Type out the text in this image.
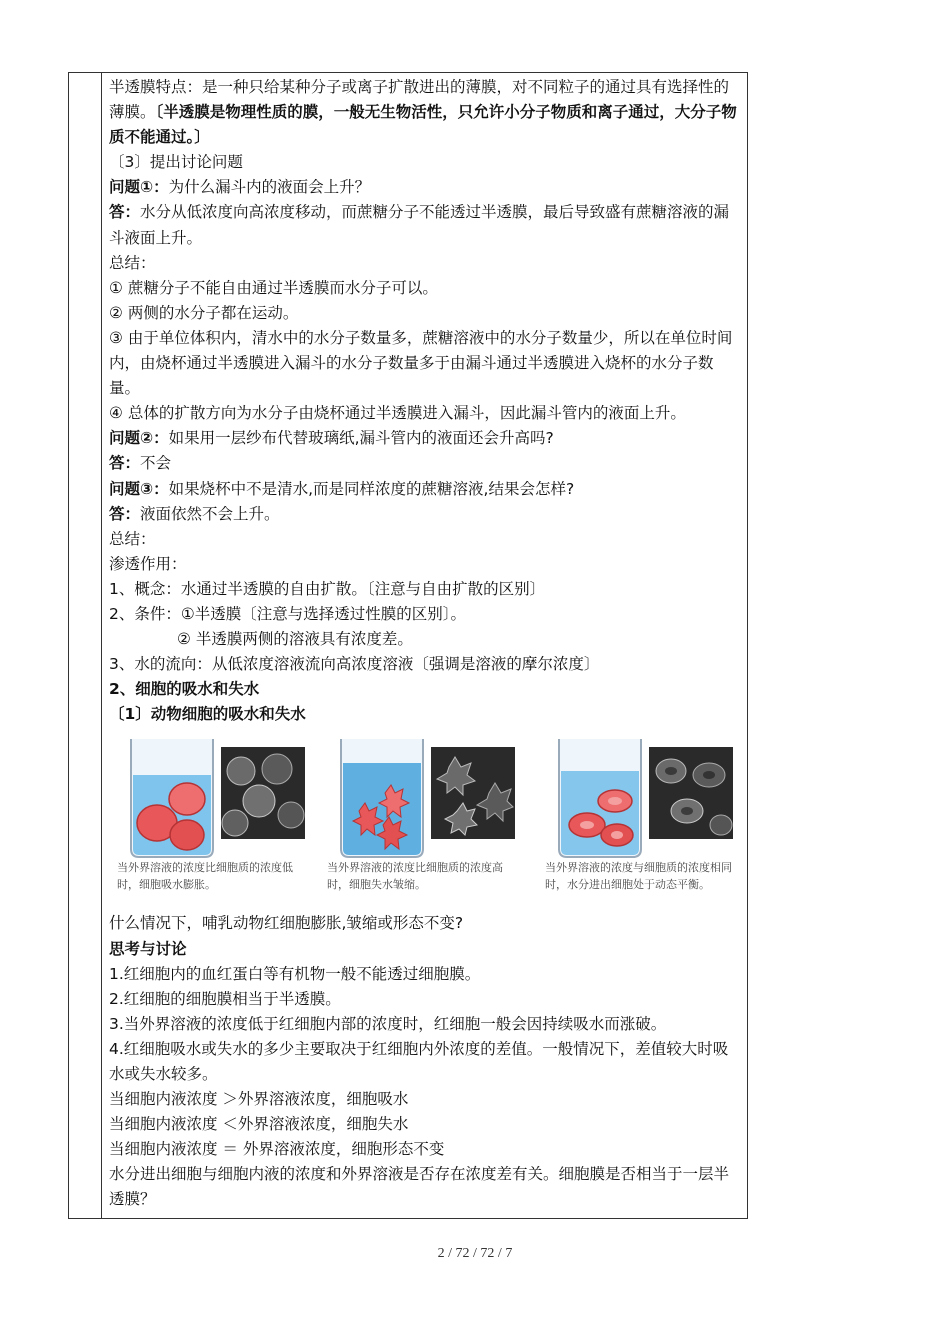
半透膜特点：是一种只给某种分子或离子扩散进出的薄膜，对不同粒子的通过具有选择性的薄膜。〔半透膜是物理性质的膜，一般无生物活性，只允许小分子物质和离子通过，大分子物质不能通过。〕

〔3〕提出讨论问题

问题①：为什么漏斗内的液面会上升？

答：水分从低浓度向高浓度移动，而蔗糖分子不能透过半透膜，最后导致盛有蔗糖溶液的漏斗液面上升。

总结：

① 蔗糖分子不能自由通过半透膜而水分子可以。

② 两侧的水分子都在运动。

③ 由于单位体积内，清水中的水分子数量多，蔗糖溶液中的水分子数量少，所以在单位时间内，由烧杯通过半透膜进入漏斗的水分子数量多于由漏斗通过半透膜进入烧杯的水分子数量。

④ 总体的扩散方向为水分子由烧杯通过半透膜进入漏斗，因此漏斗管内的液面上升。

问题②：如果用一层纱布代替玻璃纸,漏斗管内的液面还会升高吗?

答：不会

问题③：如果烧杯中不是清水,而是同样浓度的蔗糖溶液,结果会怎样?

答：液面依然不会上升。

总结：

渗透作用：

1、概念：水通过半透膜的自由扩散。〔注意与自由扩散的区别〕

2、条件：①半透膜〔注意与选择透过性膜的区别〕。

② 半透膜两侧的溶液具有浓度差。

3、水的流向：从低浓度溶液流向高浓度溶液〔强调是溶液的摩尔浓度〕

2、细胞的吸水和失水

〔1〕动物细胞的吸水和失水

当外界溶液的浓度比细胞质的浓度低时，细胞吸水膨胀。
当外界溶液的浓度比细胞质的浓度高时，细胞失水皱缩。
当外界溶液的浓度与细胞质的浓度相同时，水分进出细胞处于动态平衡。

什么情况下，哺乳动物红细胞膨胀,皱缩或形态不变?

思考与讨论

1.红细胞内的血红蛋白等有机物一般不能透过细胞膜。

2.红细胞的细胞膜相当于半透膜。

3.当外界溶液的浓度低于红细胞内部的浓度时，红细胞一般会因持续吸水而涨破。

4.红细胞吸水或失水的多少主要取决于红细胞内外浓度的差值。一般情况下，差值较大时吸水或失水较多。

当细胞内液浓度 ＞外界溶液浓度，细胞吸水

当细胞内液浓度 ＜外界溶液浓度，细胞失水

当细胞内液浓度 ＝ 外界溶液浓度，细胞形态不变

水分进出细胞与细胞内液的浓度和外界溶液是否存在浓度差有关。细胞膜是否相当于一层半透膜？

2 / 72 / 72 / 7
